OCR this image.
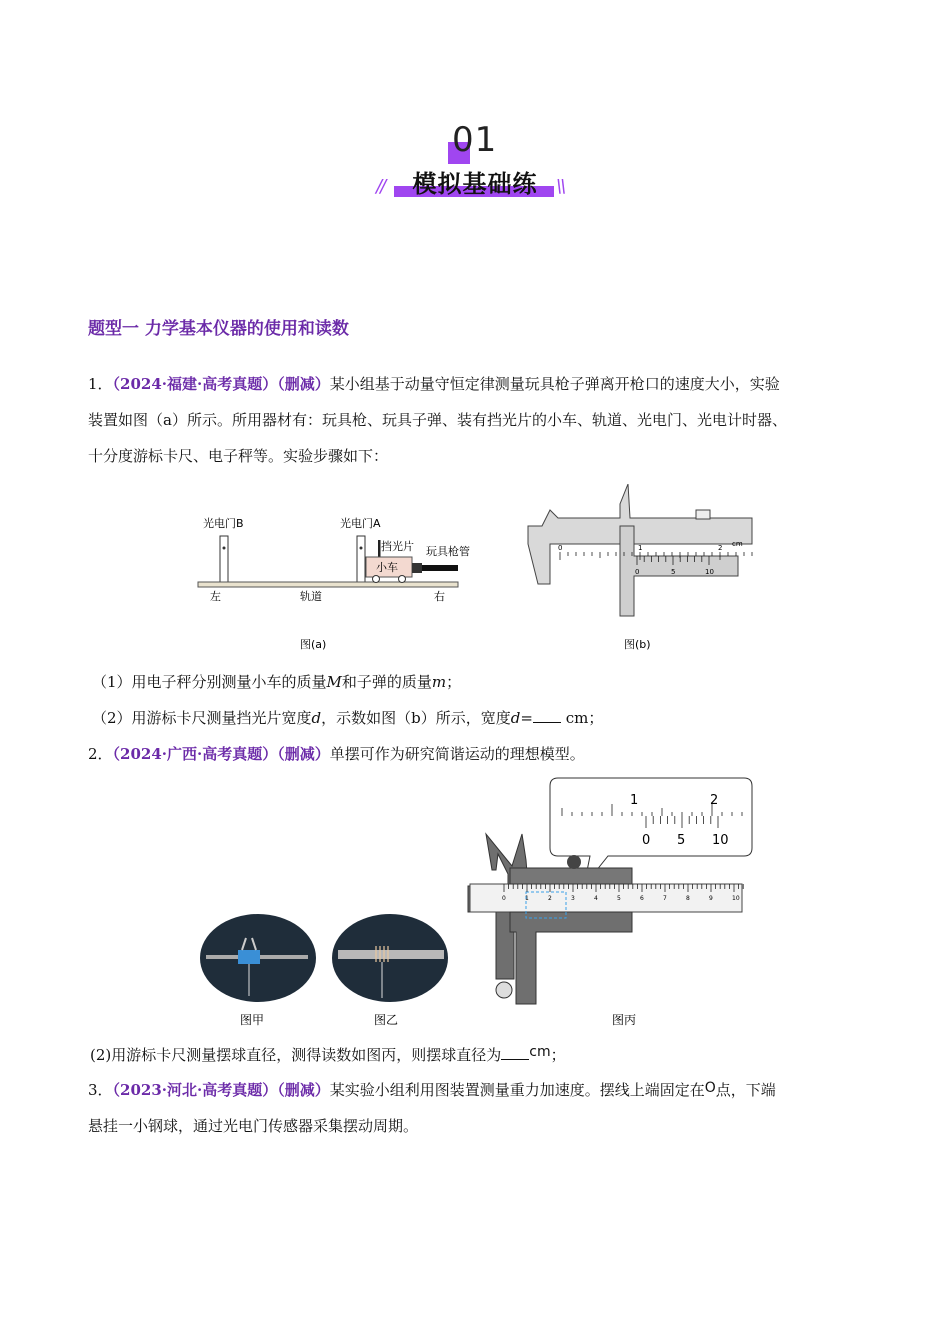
01
//	模拟基础练	\\
题型一 力学基本仪器的使用和读数
1．（2024·福建·高考真题）（删减）某小组基于动量守恒定律测量玩具枪子弹离开枪口的速度大小，实验
装置如图（a）所示。所用器材有：玩具枪、玩具子弹、装有挡光片的小车、轨道、光电门、光电计时器、
十分度游标卡尺、电子秤等。实验步骤如下：
光电门B	光电门A
挡光片
小车
玩具枪管
左	轨道	右
图(a)
0	1	2 cm
0	5	10
图(b)
（1）用电子秤分别测量小车的质量M和子弹的质量m；
（2）用游标卡尺测量挡光片宽度d，示数如图（b）所示，宽度d= cm；
2．（2024·广西·高考真题）（删减）单摆可作为研究简谐运动的理想模型。
1	2
0 5 10
0	1	2	3	4	5	6	7	8	9	10
图甲	图乙	图丙
(2)用游标卡尺测量摆球直径，测得读数如图丙，则摆球直径为 cm；
3．（2023·河北·高考真题）（删减）某实验小组利用图装置测量重力加速度。摆线上端固定在O点，下端
悬挂一小钢球，通过光电门传感器采集摆动周期。
